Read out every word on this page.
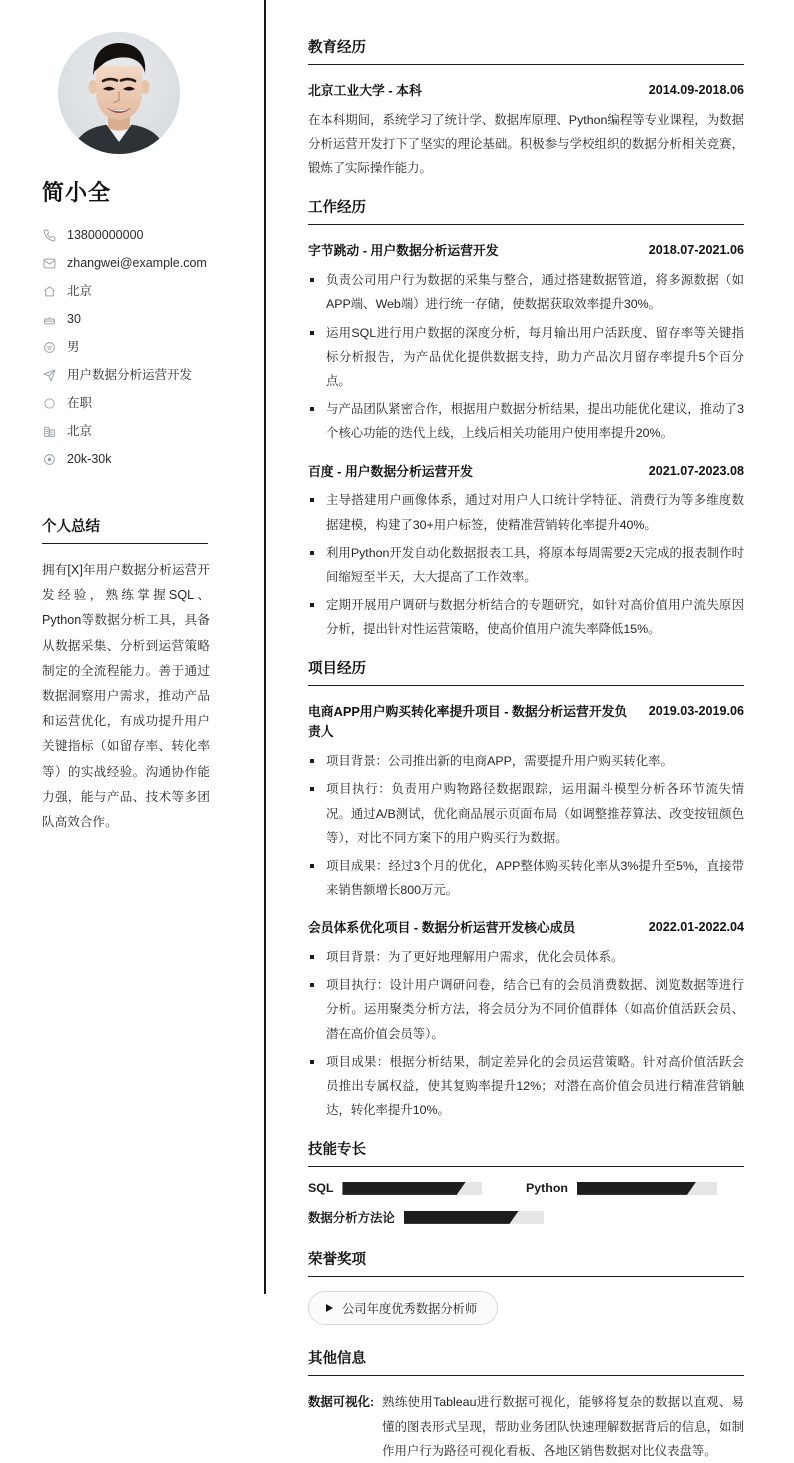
简小全
13800000000
zhangwei@example.com
北京
30
男
用户数据分析运营开发
在职
北京
20k-30k
个人总结

拥有[X]年用户数据分析运营开发经验，熟练掌握SQL、Python等数据分析工具，具备从数据采集、分析到运营策略制定的全流程能力。善于通过数据洞察用户需求，推动产品和运营优化，有成功提升用户关键指标（如留存率、转化率等）的实战经验。沟通协作能力强，能与产品、技术等多团队高效合作。

教育经历
北京工业大学 - 本科	2014.09-2018.06

在本科期间，系统学习了统计学、数据库原理、Python编程等专业课程，为数据分析运营开发打下了坚实的理论基础。积极参与学校组织的数据分析相关竞赛，锻炼了实际操作能力。

工作经历
字节跳动 - 用户数据分析运营开发	2018.07-2021.06
负责公司用户行为数据的采集与整合，通过搭建数据管道，将多源数据（如APP端、Web端）进行统一存储，使数据获取效率提升30%。
运用SQL进行用户数据的深度分析，每月输出用户活跃度、留存率等关键指标分析报告，为产品优化提供数据支持，助力产品次月留存率提升5个百分点。
与产品团队紧密合作，根据用户数据分析结果，提出功能优化建议，推动了3个核心功能的迭代上线，上线后相关功能用户使用率提升20%。
百度 - 用户数据分析运营开发	2021.07-2023.08
主导搭建用户画像体系，通过对用户人口统计学特征、消费行为等多维度数据建模，构建了30+用户标签，使精准营销转化率提升40%。
利用Python开发自动化数据报表工具，将原本每周需要2天完成的报表制作时间缩短至半天，大大提高了工作效率。
定期开展用户调研与数据分析结合的专题研究，如针对高价值用户流失原因分析，提出针对性运营策略，使高价值用户流失率降低15%。
项目经历
电商APP用户购买转化率提升项目 - 数据分析运营开发负责人
2019.03-2019.06
项目背景：公司推出新的电商APP，需要提升用户购买转化率。
项目执行：负责用户购物路径数据跟踪，运用漏斗模型分析各环节流失情况。通过A/B测试，优化商品展示页面布局（如调整推荐算法、改变按钮颜色等），对比不同方案下的用户购买行为数据。
项目成果：经过3个月的优化，APP整体购买转化率从3%提升至5%，直接带来销售额增长800万元。
会员体系优化项目 - 数据分析运营开发核心成员	2022.01-2022.04
项目背景：为了更好地理解用户需求，优化会员体系。
项目执行：设计用户调研问卷，结合已有的会员消费数据、浏览数据等进行分析。运用聚类分析方法，将会员分为不同价值群体（如高价值活跃会员、潜在高价值会员等）。
项目成果：根据分析结果，制定差异化的会员运营策略。针对高价值活跃会员推出专属权益，使其复购率提升12%；对潜在高价值会员进行精准营销触达，转化率提升10%。
技能专长
SQL	Python
数据分析方法论
荣誉奖项
公司年度优秀数据分析师
其他信息
数据可视化: 熟练使用Tableau进行数据可视化，能够将复杂的数据以直观、易懂的图表形式呈现，帮助业务团队快速理解数据背后的信息，如制作用户行为路径可视化看板、各地区销售数据对比仪表盘等。
